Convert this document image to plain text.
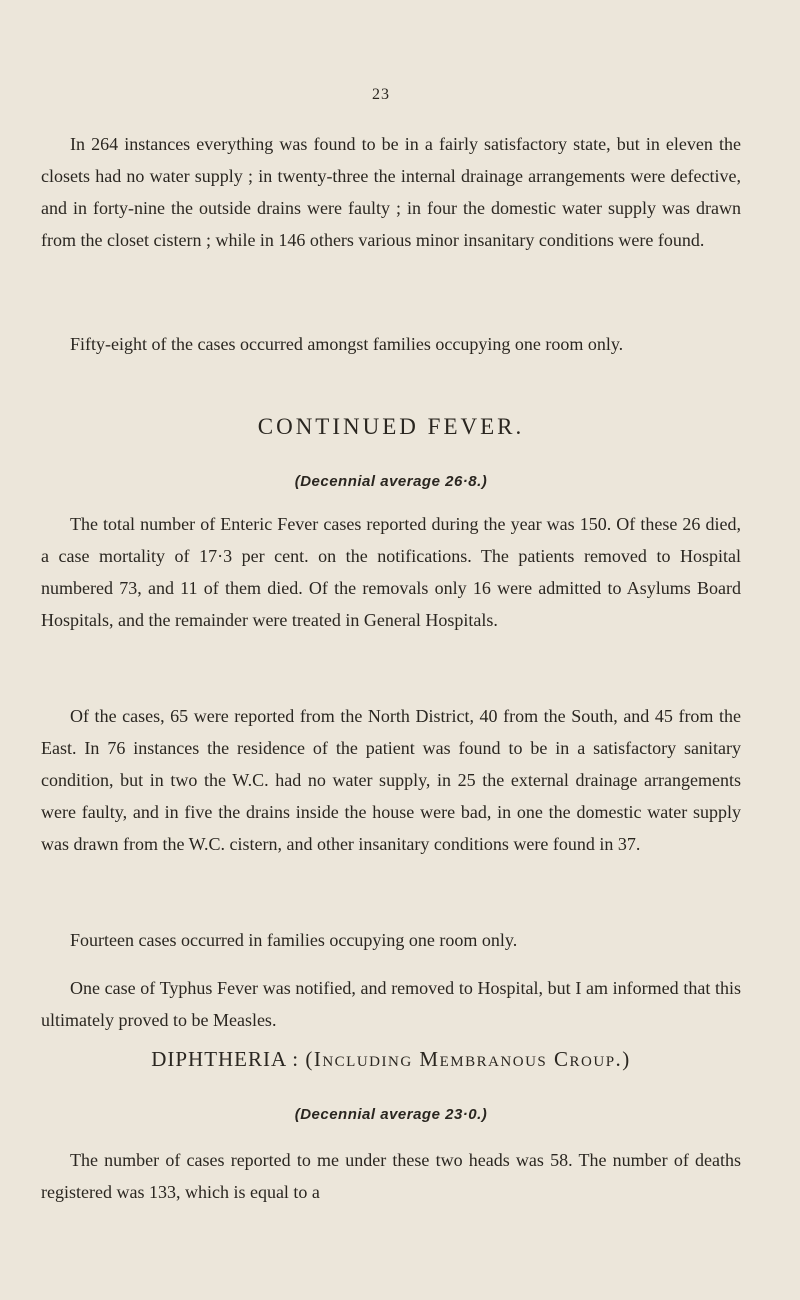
23

In 264 instances everything was found to be in a fairly satisfactory state, but in eleven the closets had no water supply ; in twenty-three the internal drainage arrangements were defective, and in forty-nine the outside drains were faulty ; in four the domestic water supply was drawn from the closet cistern ; while in 146 others various minor insanitary conditions were found.

Fifty-eight of the cases occurred amongst families occupying one room only.

CONTINUED FEVER.

(Decennial average 26·8.)

The total number of Enteric Fever cases reported during the year was 150. Of these 26 died, a case mortality of 17·3 per cent. on the notifications. The patients removed to Hospital numbered 73, and 11 of them died. Of the removals only 16 were admitted to Asylums Board Hospitals, and the remainder were treated in General Hospitals.

Of the cases, 65 were reported from the North District, 40 from the South, and 45 from the East. In 76 instances the residence of the patient was found to be in a satisfactory sanitary condition, but in two the W.C. had no water supply, in 25 the external drainage arrangements were faulty, and in five the drains inside the house were bad, in one the domestic water supply was drawn from the W.C. cistern, and other insanitary conditions were found in 37.

Fourteen cases occurred in families occupying one room only.

One case of Typhus Fever was notified, and removed to Hospital, but I am informed that this ultimately proved to be Measles.

DIPHTHERIA : (Including Membranous Croup.)

(Decennial average 23·0.)

The number of cases reported to me under these two heads was 58. The number of deaths registered was 133, which is equal to a
